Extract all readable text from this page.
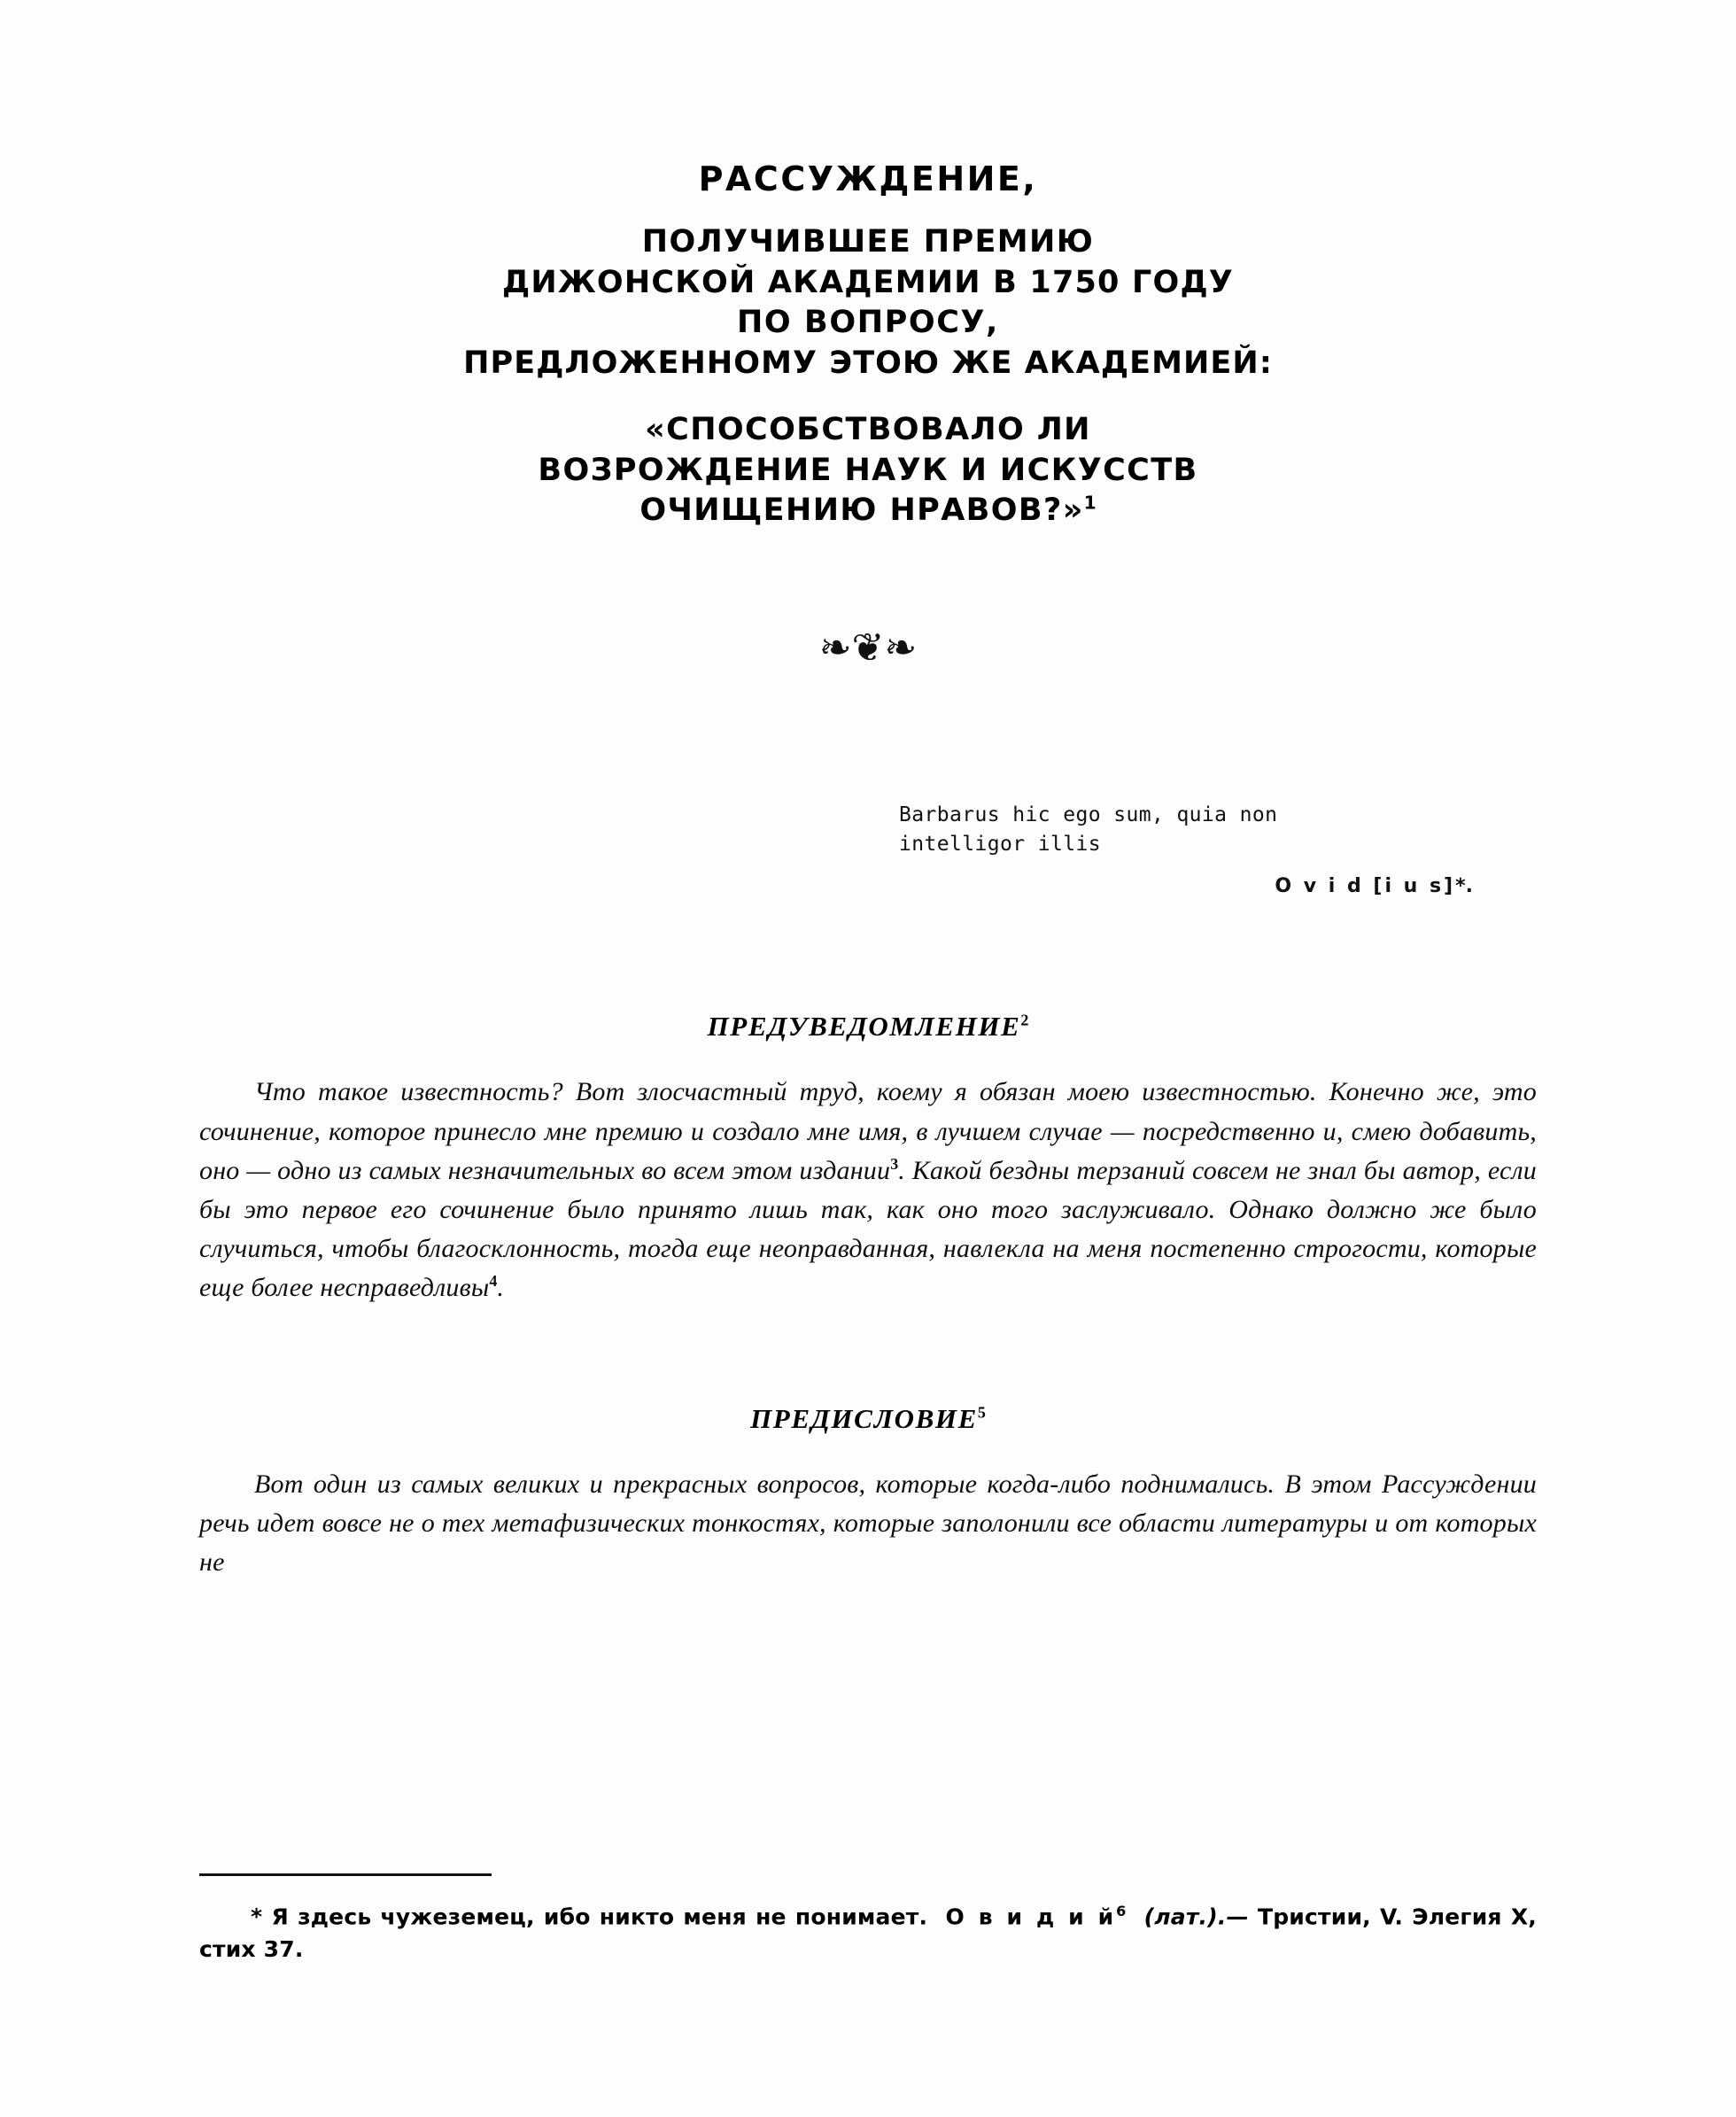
РАССУЖДЕНИЕ,
ПОЛУЧИВШЕЕ ПРЕМИЮ
ДИЖОНСКОЙ АКАДЕМИИ В 1750 ГОДУ
ПО ВОПРОСУ,
ПРЕДЛОЖЕННОМУ ЭТОЮ ЖЕ АКАДЕМИЕЙ:
«СПОСОБСТВОВАЛО ЛИ
ВОЗРОЖДЕНИЕ НАУК И ИСКУССТВ
ОЧИЩЕНИЮ НРАВОВ?»$^1$
❧❦❧
Barbarus hic ego sum, quia non
intelligor illis
O v i d [i u s]*.
ПРЕДУВЕДОМЛЕНИЕ$^2$

Что такое известность? Вот злосчастный труд, коему я обязан моею известностью. Конечно же, это сочинение, которое принесло мне премию и создало мне имя, в лучшем случае — посредственно и, смею добавить, оно — одно из самых незначительных во всем этом издании$^3$. Какой бездны терзаний совсем не знал бы автор, если бы это первое его сочинение было принято лишь так, как оно того заслуживало. Однако должно же было случиться, чтобы благосклонность, тогда еще неоправданная, навлекла на меня постепенно строгости, которые еще более несправедливы$^4$.

ПРЕДИСЛОВИЕ$^5$

Вот один из самых великих и прекрасных вопросов, которые когда-либо поднимались. В этом Рассуждении речь идет вовсе не о тех метафизических тонкостях, которые заполонили все области литературы и от которых не

* Я здесь чужеземец, ибо никто меня не понимает. О в и д и $й^6$ (лат.).— Тристии, V. Элегия X, стих 37.
